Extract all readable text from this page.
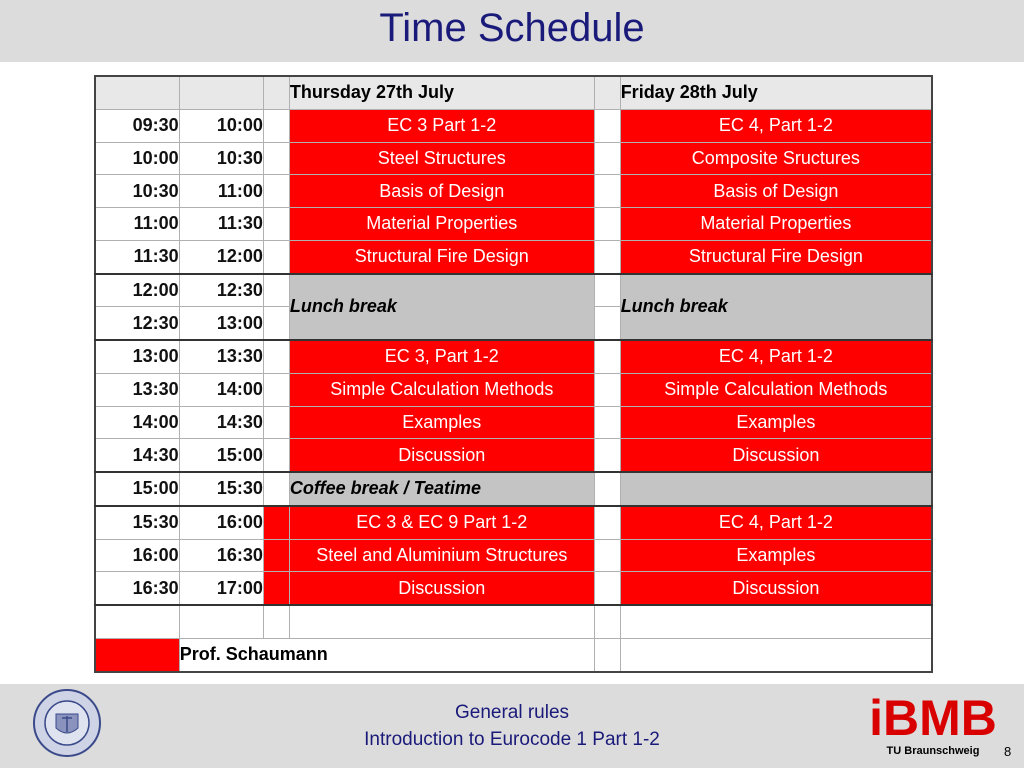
Time Schedule
			Thursday 27th July		Friday 28th July
09:30	10:00		EC 3 Part 1-2		EC 4, Part 1-2
10:00	10:30		Steel Structures		Composite Sructures
10:30	11:00		Basis of Design		Basis of Design
11:00	11:30		Material Properties		Material Properties
11:30	12:00		Structural Fire Design		Structural Fire Design
12:00	12:30		Lunch break		Lunch break
12:30	13:00				
13:00	13:30		EC 3, Part 1-2		EC 4, Part 1-2
13:30	14:00		Simple Calculation Methods		Simple Calculation Methods
14:00	14:30		Examples		Examples
14:30	15:00		Discussion		Discussion
15:00	15:30		Coffee break / Teatime		
15:30	16:00		EC 3 & EC 9 Part 1-2		EC 4, Part 1-2
16:00	16:30		Steel and Aluminium Structures		Examples
16:30	17:00		Discussion		Discussion

	Prof. Schaumann				
iBMB
TU Braunschweig
General rules
Introduction to Eurocode 1 Part 1-2
8
